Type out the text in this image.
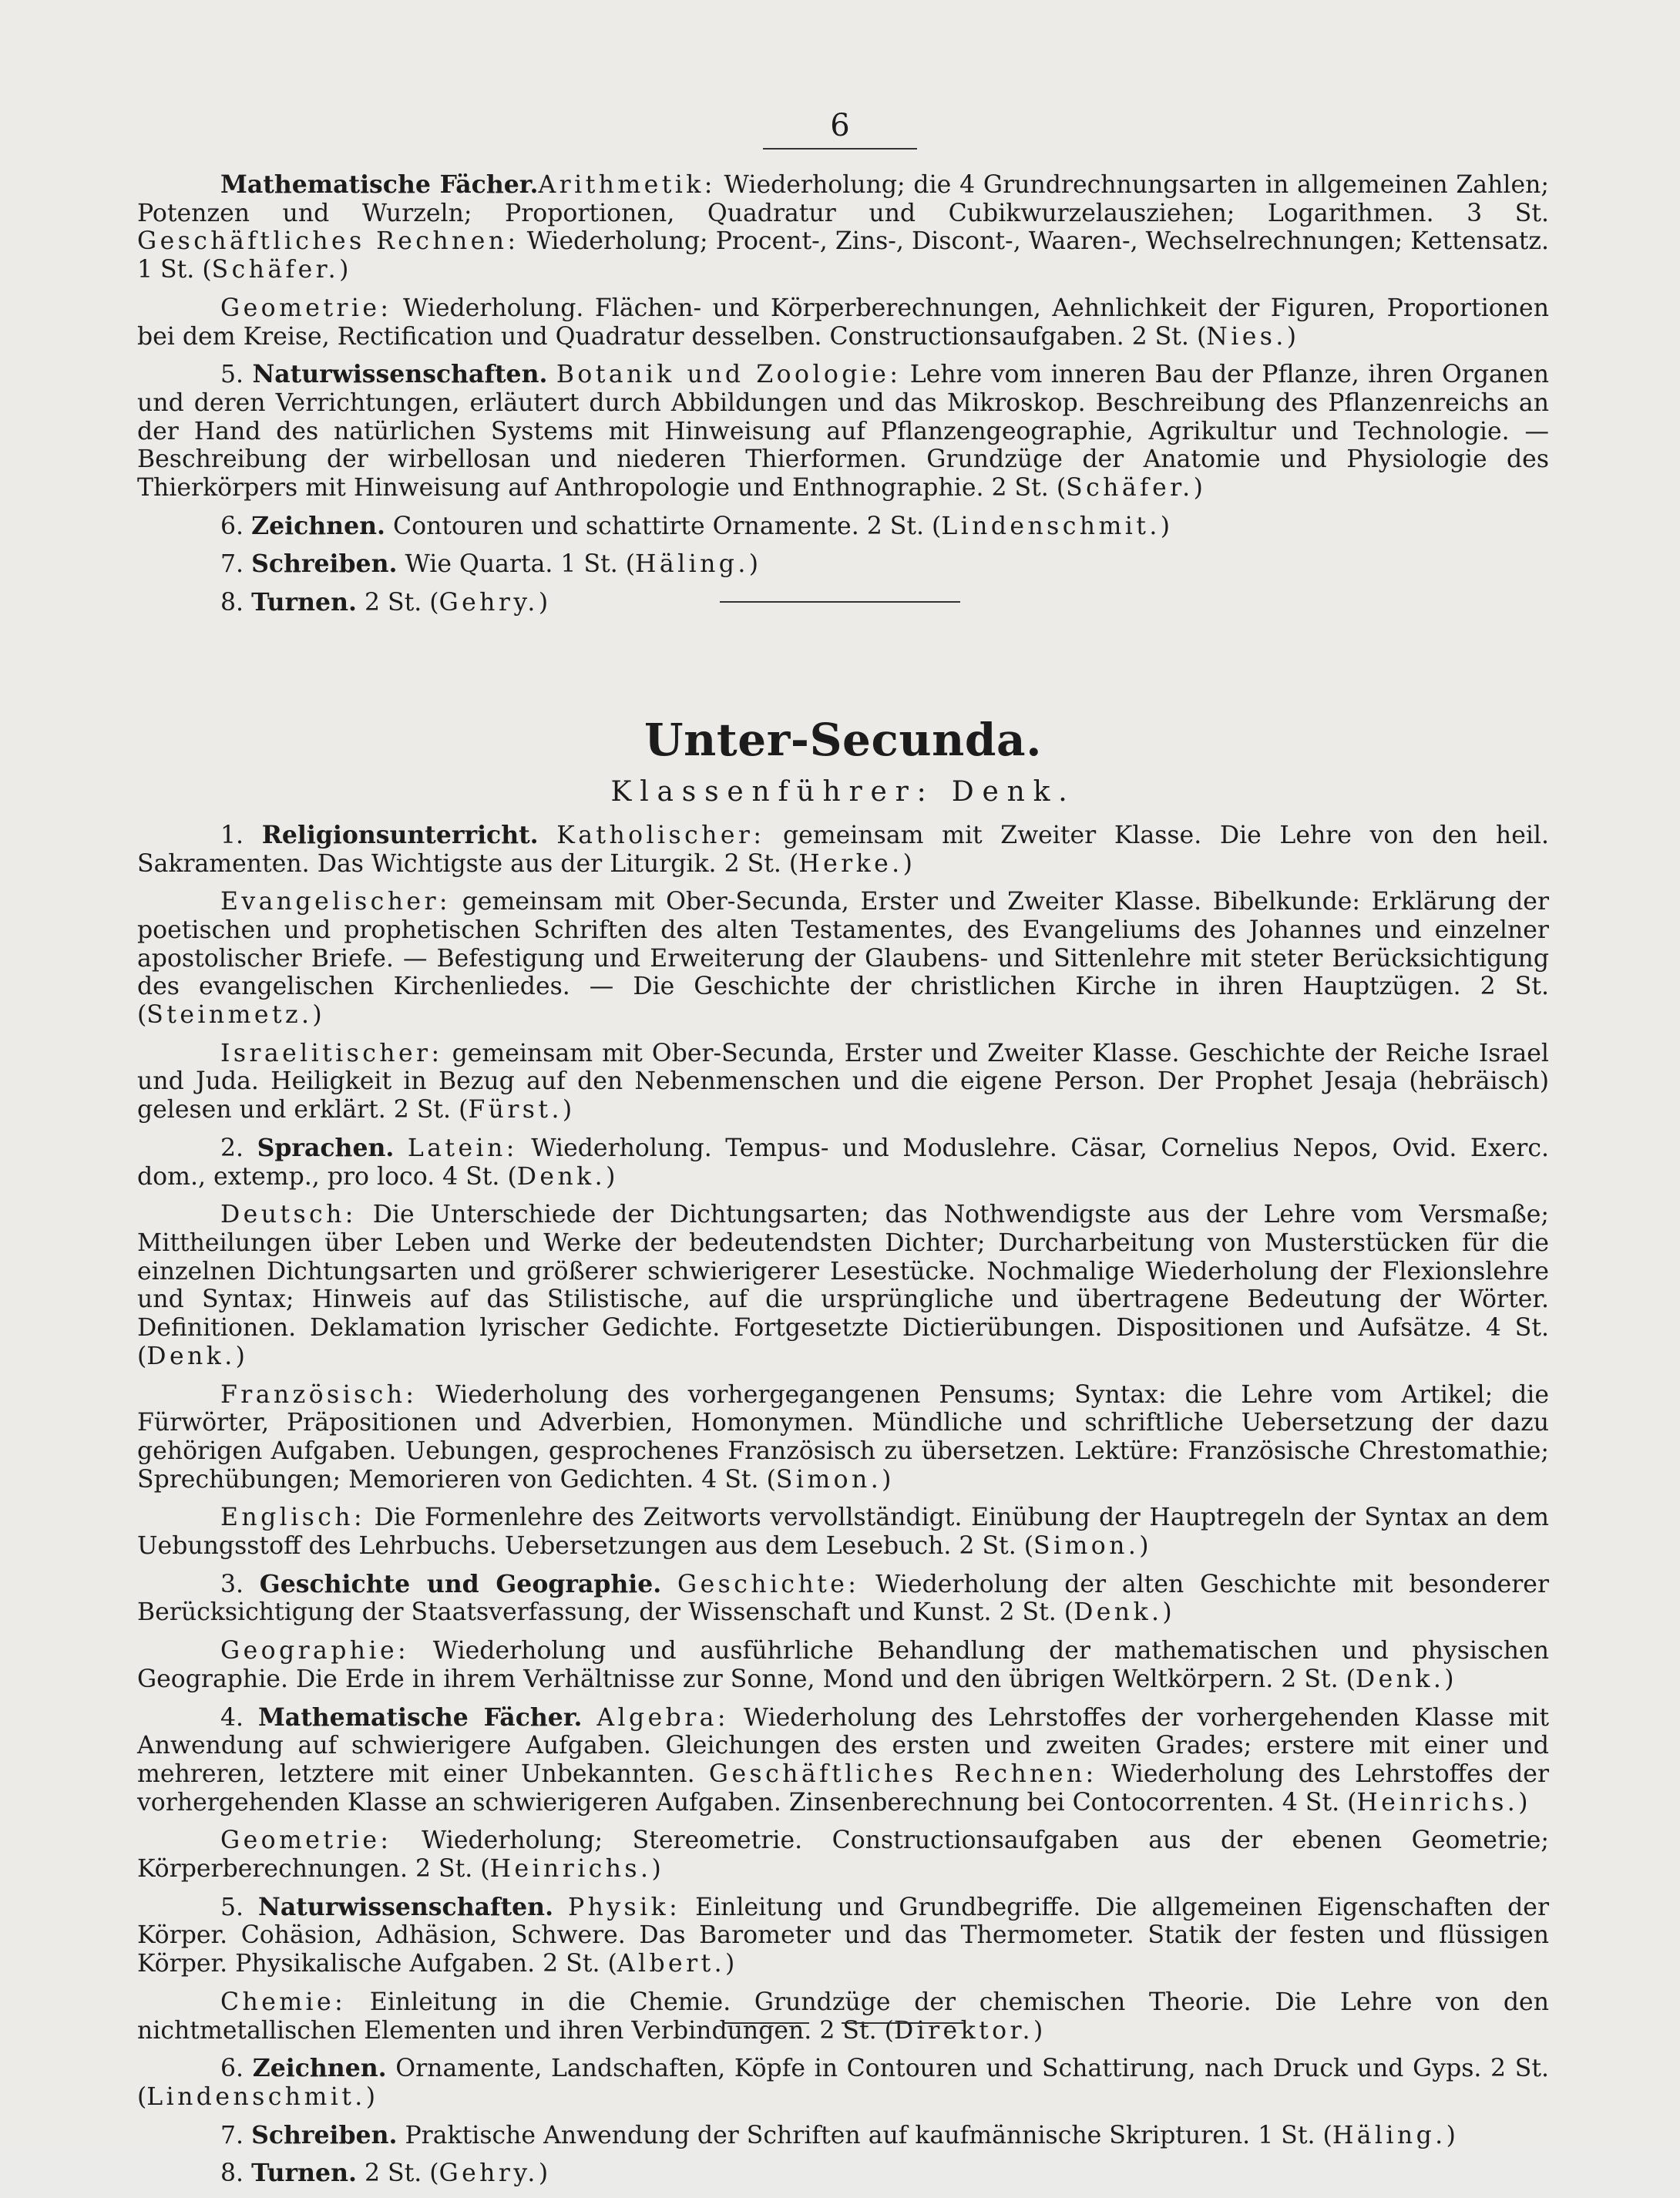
6

Mathematische Fächer.Arithmetik: Wiederholung; die 4 Grundrechnungsarten in allgemeinen Zahlen; Potenzen und Wurzeln; Proportionen, Quadratur und Cubikwurzelausziehen; Logarithmen. 3 St. Geschäftliches Rechnen: Wiederholung; Procent-, Zins-, Discont-, Waaren-, Wechselrechnungen; Kettensatz. 1 St. (Schäfer.)

Geometrie: Wiederholung. Flächen- und Körperberechnungen, Aehnlichkeit der Figuren, Proportionen bei dem Kreise, Rectification und Quadratur desselben. Constructionsaufgaben. 2 St. (Nies.)

5. Naturwissenschaften. Botanik und Zoologie: Lehre vom inneren Bau der Pflanze, ihren Organen und deren Verrichtungen, erläutert durch Abbildungen und das Mikroskop. Beschreibung des Pflanzenreichs an der Hand des natürlichen Systems mit Hinweisung auf Pflanzengeographie, Agrikultur und Technologie. — Beschreibung der wirbellosan und niederen Thierformen. Grundzüge der Anatomie und Physiologie des Thierkörpers mit Hinweisung auf Anthropologie und Enthnographie. 2 St. (Schäfer.)

6. Zeichnen. Contouren und schattirte Ornamente. 2 St. (Lindenschmit.)

7. Schreiben. Wie Quarta. 1 St. (Häling.)

8. Turnen. 2 St. (Gehry.)

Unter-Secunda.
Klassenführer: Denk.

1. Religionsunterricht. Katholischer: gemeinsam mit Zweiter Klasse. Die Lehre von den heil. Sakramenten. Das Wichtigste aus der Liturgik. 2 St. (Herke.)

Evangelischer: gemeinsam mit Ober-Secunda, Erster und Zweiter Klasse. Bibelkunde: Erklärung der poetischen und prophetischen Schriften des alten Testamentes, des Evangeliums des Johannes und einzelner apostolischer Briefe. — Befestigung und Erweiterung der Glaubens- und Sittenlehre mit steter Berücksichtigung des evangelischen Kirchenliedes. — Die Geschichte der christlichen Kirche in ihren Hauptzügen. 2 St. (Steinmetz.)

Israelitischer: gemeinsam mit Ober-Secunda, Erster und Zweiter Klasse. Geschichte der Reiche Israel und Juda. Heiligkeit in Bezug auf den Nebenmenschen und die eigene Person. Der Prophet Jesaja (hebräisch) gelesen und erklärt. 2 St. (Fürst.)

2. Sprachen. Latein: Wiederholung. Tempus- und Moduslehre. Cäsar, Cornelius Nepos, Ovid. Exerc. dom., extemp., pro loco. 4 St. (Denk.)

Deutsch: Die Unterschiede der Dichtungsarten; das Nothwendigste aus der Lehre vom Versmaße; Mittheilungen über Leben und Werke der bedeutendsten Dichter; Durcharbeitung von Musterstücken für die einzelnen Dichtungsarten und größerer schwierigerer Lesestücke. Nochmalige Wiederholung der Flexionslehre und Syntax; Hinweis auf das Stilistische, auf die ursprüngliche und übertragene Bedeutung der Wörter. Definitionen. Deklamation lyrischer Gedichte. Fortgesetzte Dictierübungen. Dispositionen und Aufsätze. 4 St. (Denk.)

Französisch: Wiederholung des vorhergegangenen Pensums; Syntax: die Lehre vom Artikel; die Fürwörter, Präpositionen und Adverbien, Homonymen. Mündliche und schriftliche Uebersetzung der dazu gehörigen Aufgaben. Uebungen, gesprochenes Französisch zu übersetzen. Lektüre: Französische Chrestomathie; Sprechübungen; Memorieren von Gedichten. 4 St. (Simon.)

Englisch: Die Formenlehre des Zeitworts vervollständigt. Einübung der Hauptregeln der Syntax an dem Uebungsstoff des Lehrbuchs. Uebersetzungen aus dem Lesebuch. 2 St. (Simon.)

3. Geschichte und Geographie. Geschichte: Wiederholung der alten Geschichte mit besonderer Berücksichtigung der Staatsverfassung, der Wissenschaft und Kunst. 2 St. (Denk.)

Geographie: Wiederholung und ausführliche Behandlung der mathematischen und physischen Geographie. Die Erde in ihrem Verhältnisse zur Sonne, Mond und den übrigen Weltkörpern. 2 St. (Denk.)

4. Mathematische Fächer. Algebra: Wiederholung des Lehrstoffes der vorhergehenden Klasse mit Anwendung auf schwierigere Aufgaben. Gleichungen des ersten und zweiten Grades; erstere mit einer und mehreren, letztere mit einer Unbekannten. Geschäftliches Rechnen: Wiederholung des Lehrstoffes der vorhergehenden Klasse an schwierigeren Aufgaben. Zinsenberechnung bei Contocorrenten. 4 St. (Heinrichs.)

Geometrie: Wiederholung; Stereometrie. Constructionsaufgaben aus der ebenen Geometrie; Körperberechnungen. 2 St. (Heinrichs.)

5. Naturwissenschaften. Physik: Einleitung und Grundbegriffe. Die allgemeinen Eigenschaften der Körper. Cohäsion, Adhäsion, Schwere. Das Barometer und das Thermometer. Statik der festen und flüssigen Körper. Physikalische Aufgaben. 2 St. (Albert.)

Chemie: Einleitung in die Chemie. Grundzüge der chemischen Theorie. Die Lehre von den nichtmetallischen Elementen und ihren Verbindungen. 2 St. (Direktor.)

6. Zeichnen. Ornamente, Landschaften, Köpfe in Contouren und Schattirung, nach Druck und Gyps. 2 St. (Lindenschmit.)

7. Schreiben. Praktische Anwendung der Schriften auf kaufmännische Skripturen. 1 St. (Häling.)

8. Turnen. 2 St. (Gehry.)
